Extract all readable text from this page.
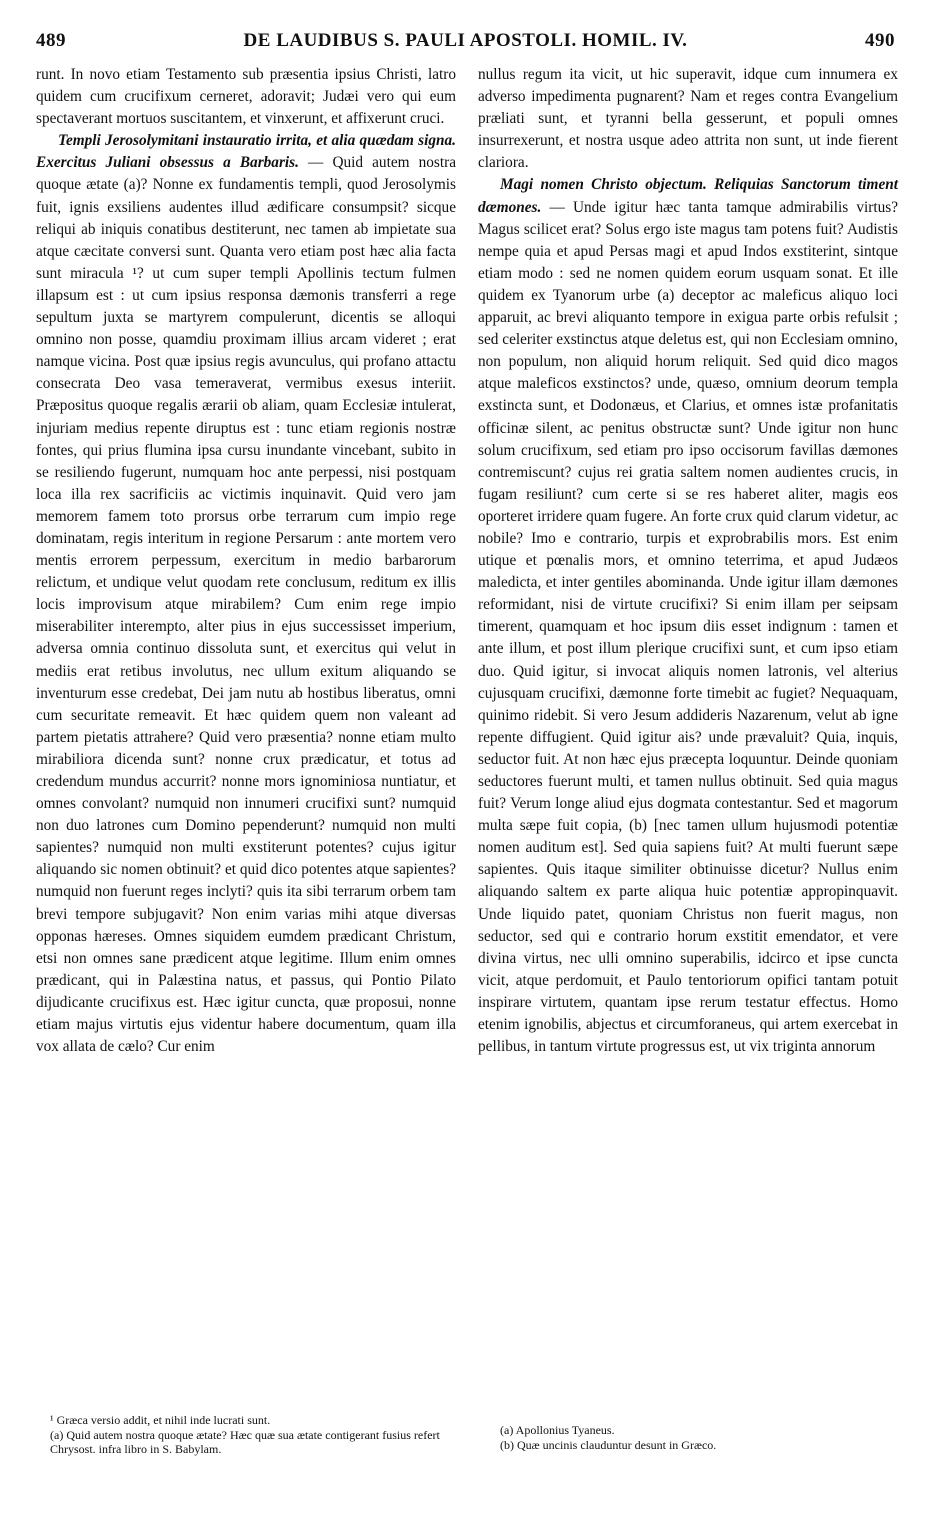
489	DE LAUDIBUS S. PAULI APOSTOLI. HOMIL. IV.	490

runt. In novo etiam Testamento sub præsentia ipsius Christi, latro quidem cum crucifixum cerneret, adoravit; Judæi vero qui eum spectaverant mortuos suscitantem, et vinxerunt, et affixerunt cruci.

Templi Jerosolymitani instauratio irrita, et alia quædam signa. Exercitus Juliani obsessus a Barbaris. — Quid autem nostra quoque ætate (a)? Nonne ex fundamentis templi, quod Jerosolymis fuit, ignis exsiliens audentes illud ædificare consumpsit? sicque reliqui ab iniquis conatibus destiterunt, nec tamen ab impietate sua atque cæcitate conversi sunt. Quanta vero etiam post hæc alia facta sunt miracula ¹? ut cum super templi Apollinis tectum fulmen illapsum est : ut cum ipsius responsa dæmonis transferri a rege sepultum juxta se martyrem compulerunt, dicentis se alloqui omnino non posse, quamdiu proximam illius arcam videret ; erat namque vicina. Post quæ ipsius regis avunculus, qui profano attactu consecrata Deo vasa temeraverat, vermibus exesus interiit. Præpositus quoque regalis ærarii ob aliam, quam Ecclesiæ intulerat, injuriam medius repente diruptus est : tunc etiam regionis nostræ fontes, qui prius flumina ipsa cursu inundante vincebant, subito in se resiliendo fugerunt, numquam hoc ante perpessi, nisi postquam loca illa rex sacrificiis ac victimis inquinavit. Quid vero jam memorem famem toto prorsus orbe terrarum cum impio rege dominatam, regis interitum in regione Persarum : ante mortem vero mentis errorem perpessum, exercitum in medio barbarorum relictum, et undique velut quodam rete conclusum, reditum ex illis locis improvisum atque mirabilem? Cum enim rege impio miserabiliter interempto, alter pius in ejus successisset imperium, adversa omnia continuo dissoluta sunt, et exercitus qui velut in mediis erat retibus involutus, nec ullum exitum aliquando se inventurum esse credebat, Dei jam nutu ab hostibus liberatus, omni cum securitate remeavit. Et hæc quidem quem non valeant ad partem pietatis attrahere? Quid vero præsentia? nonne etiam multo mirabiliora dicenda sunt? nonne crux prædicatur, et totus ad credendum mundus accurrit? nonne mors ignominiosa nuntiatur, et omnes convolant? numquid non innumeri crucifixi sunt? numquid non duo latrones cum Domino pependerunt? numquid non multi sapientes? numquid non multi exstiterunt potentes? cujus igitur aliquando sic nomen obtinuit? et quid dico potentes atque sapientes? numquid non fuerunt reges inclyti? quis ita sibi terrarum orbem tam brevi tempore subjugavit? Non enim varias mihi atque diversas opponas hæreses. Omnes siquidem eumdem prædicant Christum, etsi non omnes sane prædicent atque legitime. Illum enim omnes prædicant, qui in Palæstina natus, et passus, qui Pontio Pilato dijudicante crucifixus est. Hæc igitur cuncta, quæ proposui, nonne etiam majus virtutis ejus videntur habere documentum, quam illa vox allata de cælo? Cur enim

nullus regum ita vicit, ut hic superavit, idque cum innumera ex adverso impedimenta pugnarent? Nam et reges contra Evangelium præliati sunt, et tyranni bella gesserunt, et populi omnes insurrexerunt, et nostra usque adeo attrita non sunt, ut inde fierent clariora.

Magi nomen Christo objectum. Reliquias Sanctorum timent dæmones. — Unde igitur hæc tanta tamque admirabilis virtus? Magus scilicet erat? Solus ergo iste magus tam potens fuit? Audistis nempe quia et apud Persas magi et apud Indos exstiterint, sintque etiam modo : sed ne nomen quidem eorum usquam sonat. Et ille quidem ex Tyanorum urbe (a) deceptor ac maleficus aliquo loci apparuit, ac brevi aliquanto tempore in exigua parte orbis refulsit ; sed celeriter exstinctus atque deletus est, qui non Ecclesiam omnino, non populum, non aliquid horum reliquit. Sed quid dico magos atque maleficos exstinctos? unde, quæso, omnium deorum templa exstincta sunt, et Dodonæus, et Clarius, et omnes istæ profanitatis officinæ silent, ac penitus obstructæ sunt? Unde igitur non hunc solum crucifixum, sed etiam pro ipso occisorum favillas dæmones contremiscunt? cujus rei gratia saltem nomen audientes crucis, in fugam resiliunt? cum certe si se res haberet aliter, magis eos oporteret irridere quam fugere. An forte crux quid clarum videtur, ac nobile? Imo e contrario, turpis et exprobrabilis mors. Est enim utique et pœnalis mors, et omnino teterrima, et apud Judæos maledicta, et inter gentiles abominanda. Unde igitur illam dæmones reformidant, nisi de virtute crucifixi? Si enim illam per seipsam timerent, quamquam et hoc ipsum diis esset indignum : tamen et ante illum, et post illum plerique crucifixi sunt, et cum ipso etiam duo. Quid igitur, si invocat aliquis nomen latronis, vel alterius cujusquam crucifixi, dæmonne forte timebit ac fugiet? Nequaquam, quinimo ridebit. Si vero Jesum addideris Nazarenum, velut ab igne repente diffugient. Quid igitur ais? unde prævaluit? Quia, inquis, seductor fuit. At non hæc ejus præcepta loquuntur. Deinde quoniam seductores fuerunt multi, et tamen nullus obtinuit. Sed quia magus fuit? Verum longe aliud ejus dogmata contestantur. Sed et magorum multa sæpe fuit copia, (b) [nec tamen ullum hujusmodi potentiæ nomen auditum est]. Sed quia sapiens fuit? At multi fuerunt sæpe sapientes. Quis itaque similiter obtinuisse dicetur? Nullus enim aliquando saltem ex parte aliqua huic potentiæ appropinquavit. Unde liquido patet, quoniam Christus non fuerit magus, non seductor, sed qui e contrario horum exstitit emendator, et vere divina virtus, nec ulli omnino superabilis, idcirco et ipse cuncta vicit, atque perdomuit, et Paulo tentoriorum opifici tantam potuit inspirare virtutem, quantam ipse rerum testatur effectus. Homo etenim ignobilis, abjectus et circumforaneus, qui artem exercebat in pellibus, in tantum virtute progressus est, ut vix triginta annorum

¹ Græca versio addit, et nihil inde lucrati sunt.
(a) Quid autem nostra quoque ætate? Hæc quæ sua ætate contigerant fusius refert Chrysost. infra libro in S. Babylam.
(a) Apollonius Tyaneus.
(b) Quæ uncinis clauduntur desunt in Græco.
